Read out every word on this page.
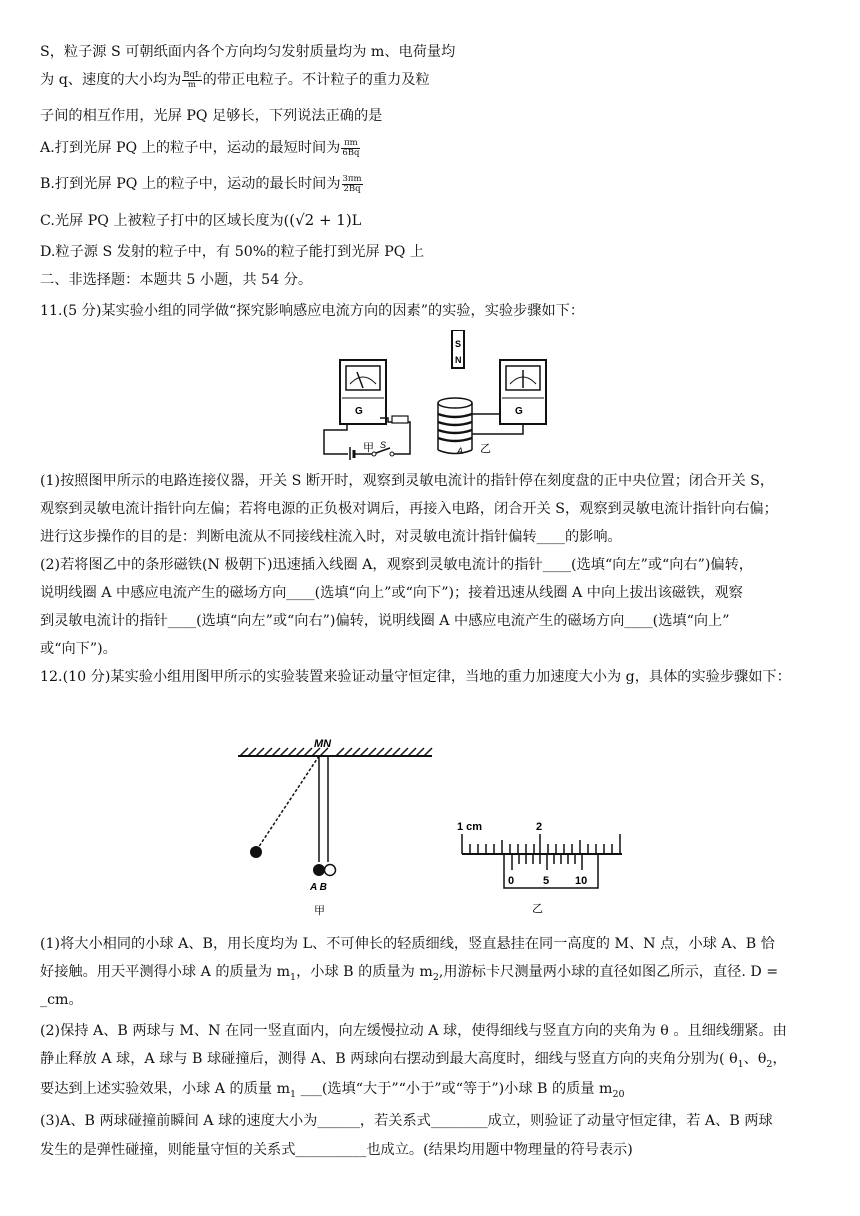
S，粒子源 S 可朝纸面内各个方向均匀发射质量均为 m、电荷量均
为 q、速度的大小均为 $\frac{\text{BqL}}{m}$ 的带正电粒子。不计粒子的重力及粒
子间的相互作用，光屏 PQ 足够长，下列说法正确的是
A.打到光屏 PQ 上的粒子中，运动的最短时间为 $\frac{\pi m}{6Bq}$
B.打到光屏 PQ 上的粒子中，运动的最长时间为 $\frac{3\pi m}{2Bq}$
C.光屏 PQ 上被粒子打中的区域长度为((√2 + 1)L
D.粒子源 S 发射的粒子中，有 50%的粒子能打到光屏 PQ 上
二、非选择题：本题共 5 小题，共 54 分。
11.(5 分)某实验小组的同学做“探究影响感应电流方向的因素”的实验，实验步骤如下：
G
S
甲
S
N
A 乙
G
(1)按照图甲所示的电路连接仪器，开关 S 断开时，观察到灵敏电流计的指针停在刻度盘的正中央位置；闭合开关 S，
观察到灵敏电流计指针向左偏；若将电源的正负极对调后，再接入电路，闭合开关 S，观察到灵敏电流计指针向右偏；
进行这步操作的目的是：判断电流从不同接线柱流入时，对灵敏电流计指针偏转____的影响。
(2)若将图乙中的条形磁铁(N 极朝下)迅速插入线圈 A，观察到灵敏电流计的指针____(选填“向左”或“向右”)偏转，
说明线圈 A 中感应电流产生的磁场方向____(选填“向上”或“向下”)；接着迅速从线圈 A 中向上拔出该磁铁，观察
到灵敏电流计的指针____(选填“向左”或“向右”)偏转，说明线圈 A 中感应电流产生的磁场方向____(选填“向上”
或“向下”)。
12.(10 分)某实验小组用图甲所示的实验装置来验证动量守恒定律，当地的重力加速度大小为 g，具体的实验步骤如下：
MN
A B
甲
1 cm	2
0	5 10
乙
(1)将大小相同的小球 A、B，用长度均为 L、不可伸长的轻质细线，竖直悬挂在同一高度的 M、N 点，小球 A、B 恰
好接触。用天平测得小球 A 的质量为 $m_1$，小球 B 的质量为 $m_2$,用游标卡尺测量两小球的直径如图乙所示，直径. D =
_cm。
(2)保持 A、B 两球与 M、N 在同一竖直面内，向左缓慢拉动 A 球，使得细线与竖直方向的夹角为 θ 。且细线绷紧。由
静止释放 A 球，A 球与 B 球碰撞后，测得 A、B 两球向右摆动到最大高度时，细线与竖直方向的夹角分别为( $\theta_1$、$\theta_2$，
要达到上述实验效果，小球 A 的质量 $m_1$ ___(选填“大于”“小于”或“等于”)小球 B 的质量 $m_{20}$
(3)A、B 两球碰撞前瞬间 A 球的速度大小为______，若关系式________成立，则验证了动量守恒定律，若 A、B 两球
发生的是弹性碰撞，则能量守恒的关系式__________也成立。(结果均用题中物理量的符号表示)
